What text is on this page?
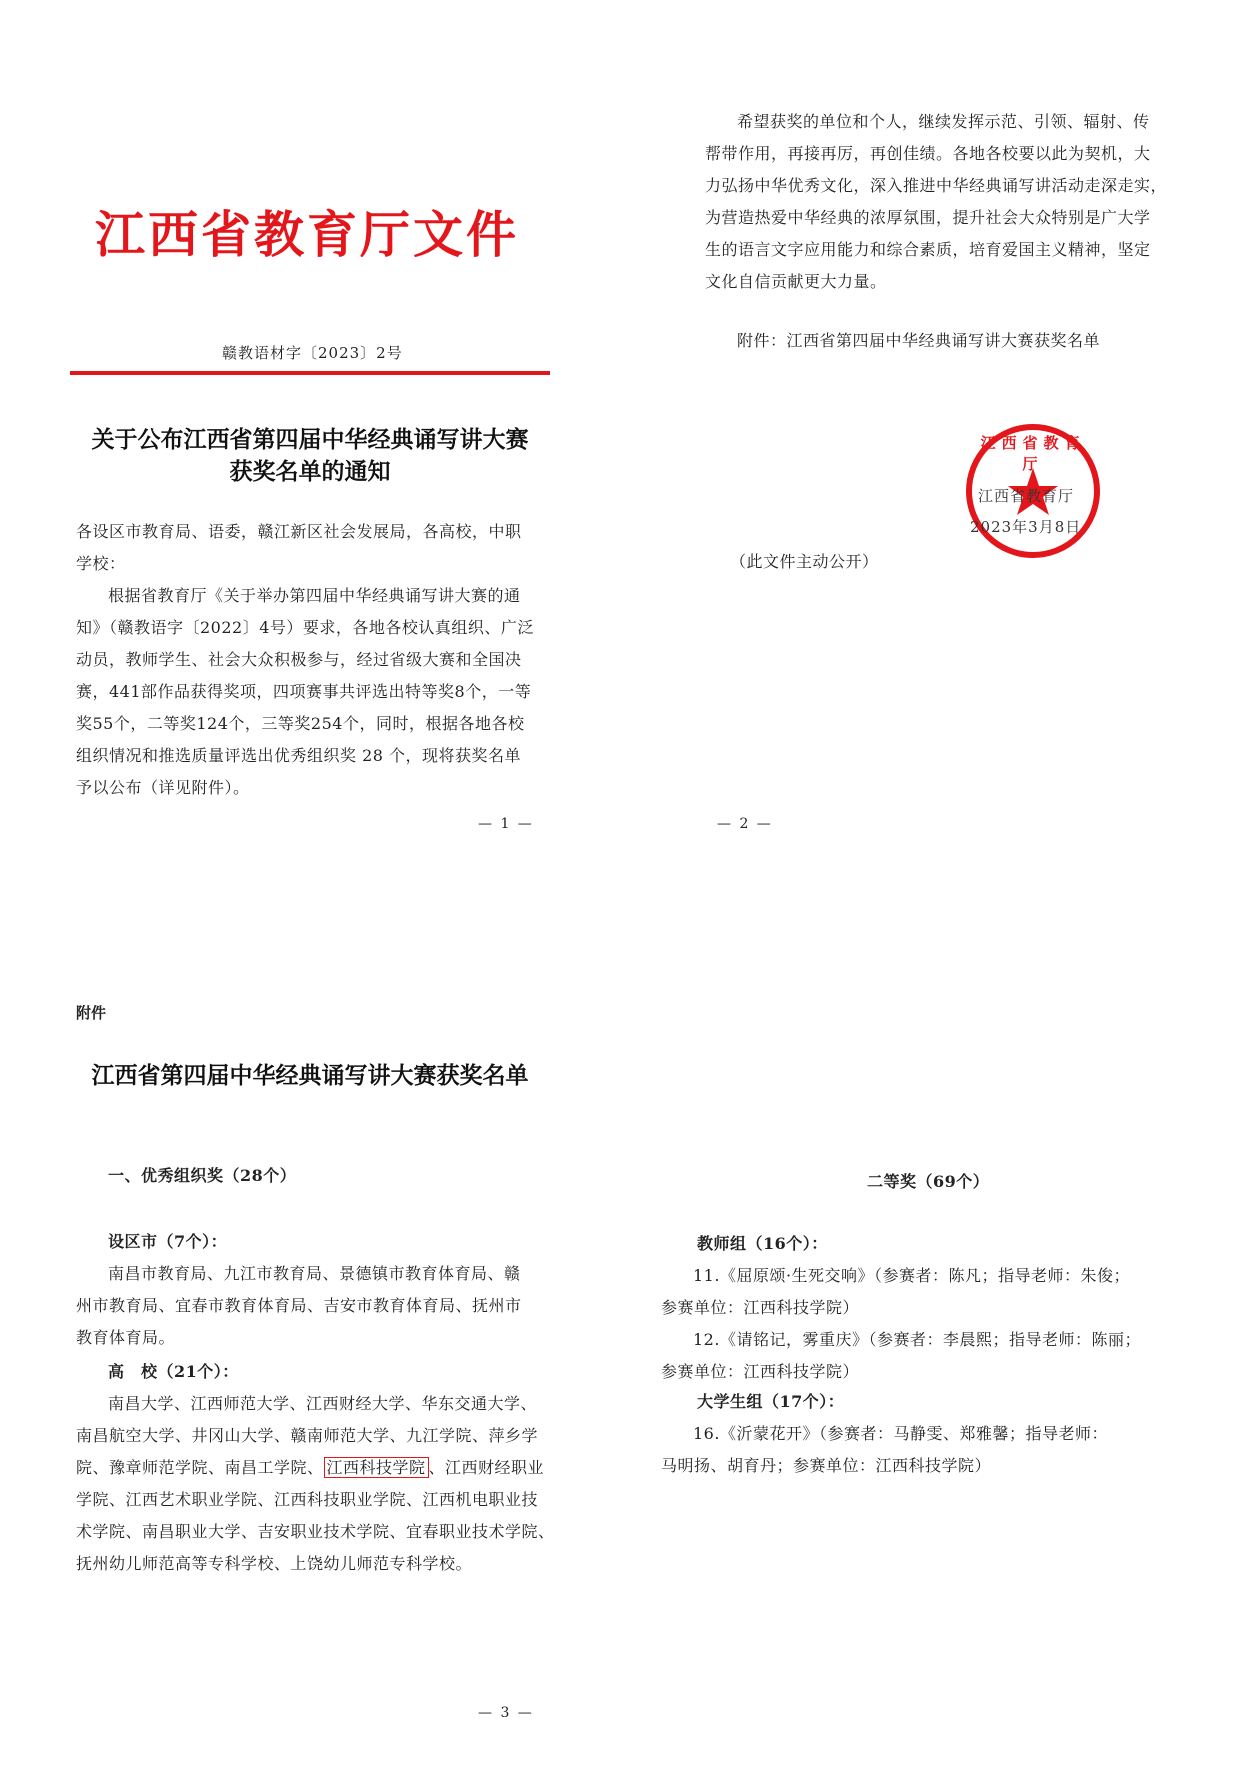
江西省教育厅文件
赣教语材字〔2023〕2号
关于公布江西省第四届中华经典诵写讲大赛
获奖名单的通知
各设区市教育局、语委，赣江新区社会发展局，各高校，中职
学校：
根据省教育厅《关于举办第四届中华经典诵写讲大赛的通
知》（赣教语字〔2022〕4号）要求，各地各校认真组织、广泛
动员，教师学生、社会大众积极参与，经过省级大赛和全国决
赛，441部作品获得奖项，四项赛事共评选出特等奖8个，一等
奖55个，二等奖124个，三等奖254个，同时，根据各地各校
组织情况和推选质量评选出优秀组织奖 28 个，现将获奖名单
予以公布（详见附件）。
— 1 —
希望获奖的单位和个人，继续发挥示范、引领、辐射、传
帮带作用，再接再厉，再创佳绩。各地各校要以此为契机，大
力弘扬中华优秀文化，深入推进中华经典诵写讲活动走深走实，
为营造热爱中华经典的浓厚氛围，提升社会大众特别是广大学
生的语言文字应用能力和综合素质，培育爱国主义精神，坚定
文化自信贡献更大力量。
附件：江西省第四届中华经典诵写讲大赛获奖名单
江西省教育厅
江西省教育厅
2023年3月8日
（此文件主动公开）
— 2 —
附件
江西省第四届中华经典诵写讲大赛获奖名单
一、优秀组织奖（28个）
设区市（7个）：
南昌市教育局、九江市教育局、景德镇市教育体育局、赣
州市教育局、宜春市教育体育局、吉安市教育体育局、抚州市
教育体育局。
高　校（21个）：
南昌大学、江西师范大学、江西财经大学、华东交通大学、
南昌航空大学、井冈山大学、赣南师范大学、九江学院、萍乡学
院、豫章师范学院、南昌工学院、 江西科技学院 、江西财经职业
学院、江西艺术职业学院、江西科技职业学院、江西机电职业技
术学院、南昌职业大学、吉安职业技术学院、宜春职业技术学院、
抚州幼儿师范高等专科学校、上饶幼儿师范专科学校。
— 3 —
二等奖（69个）
教师组（16个）：
11.《屈原颂·生死交响》（参赛者：陈凡；指导老师：朱俊；
参赛单位：江西科技学院）
12.《请铭记，雾重庆》（参赛者：李晨熙；指导老师：陈丽；
参赛单位：江西科技学院）
大学生组（17个）：
16.《沂蒙花开》（参赛者：马静雯、郑雅馨；指导老师：
马明扬、胡育丹；参赛单位：江西科技学院）
